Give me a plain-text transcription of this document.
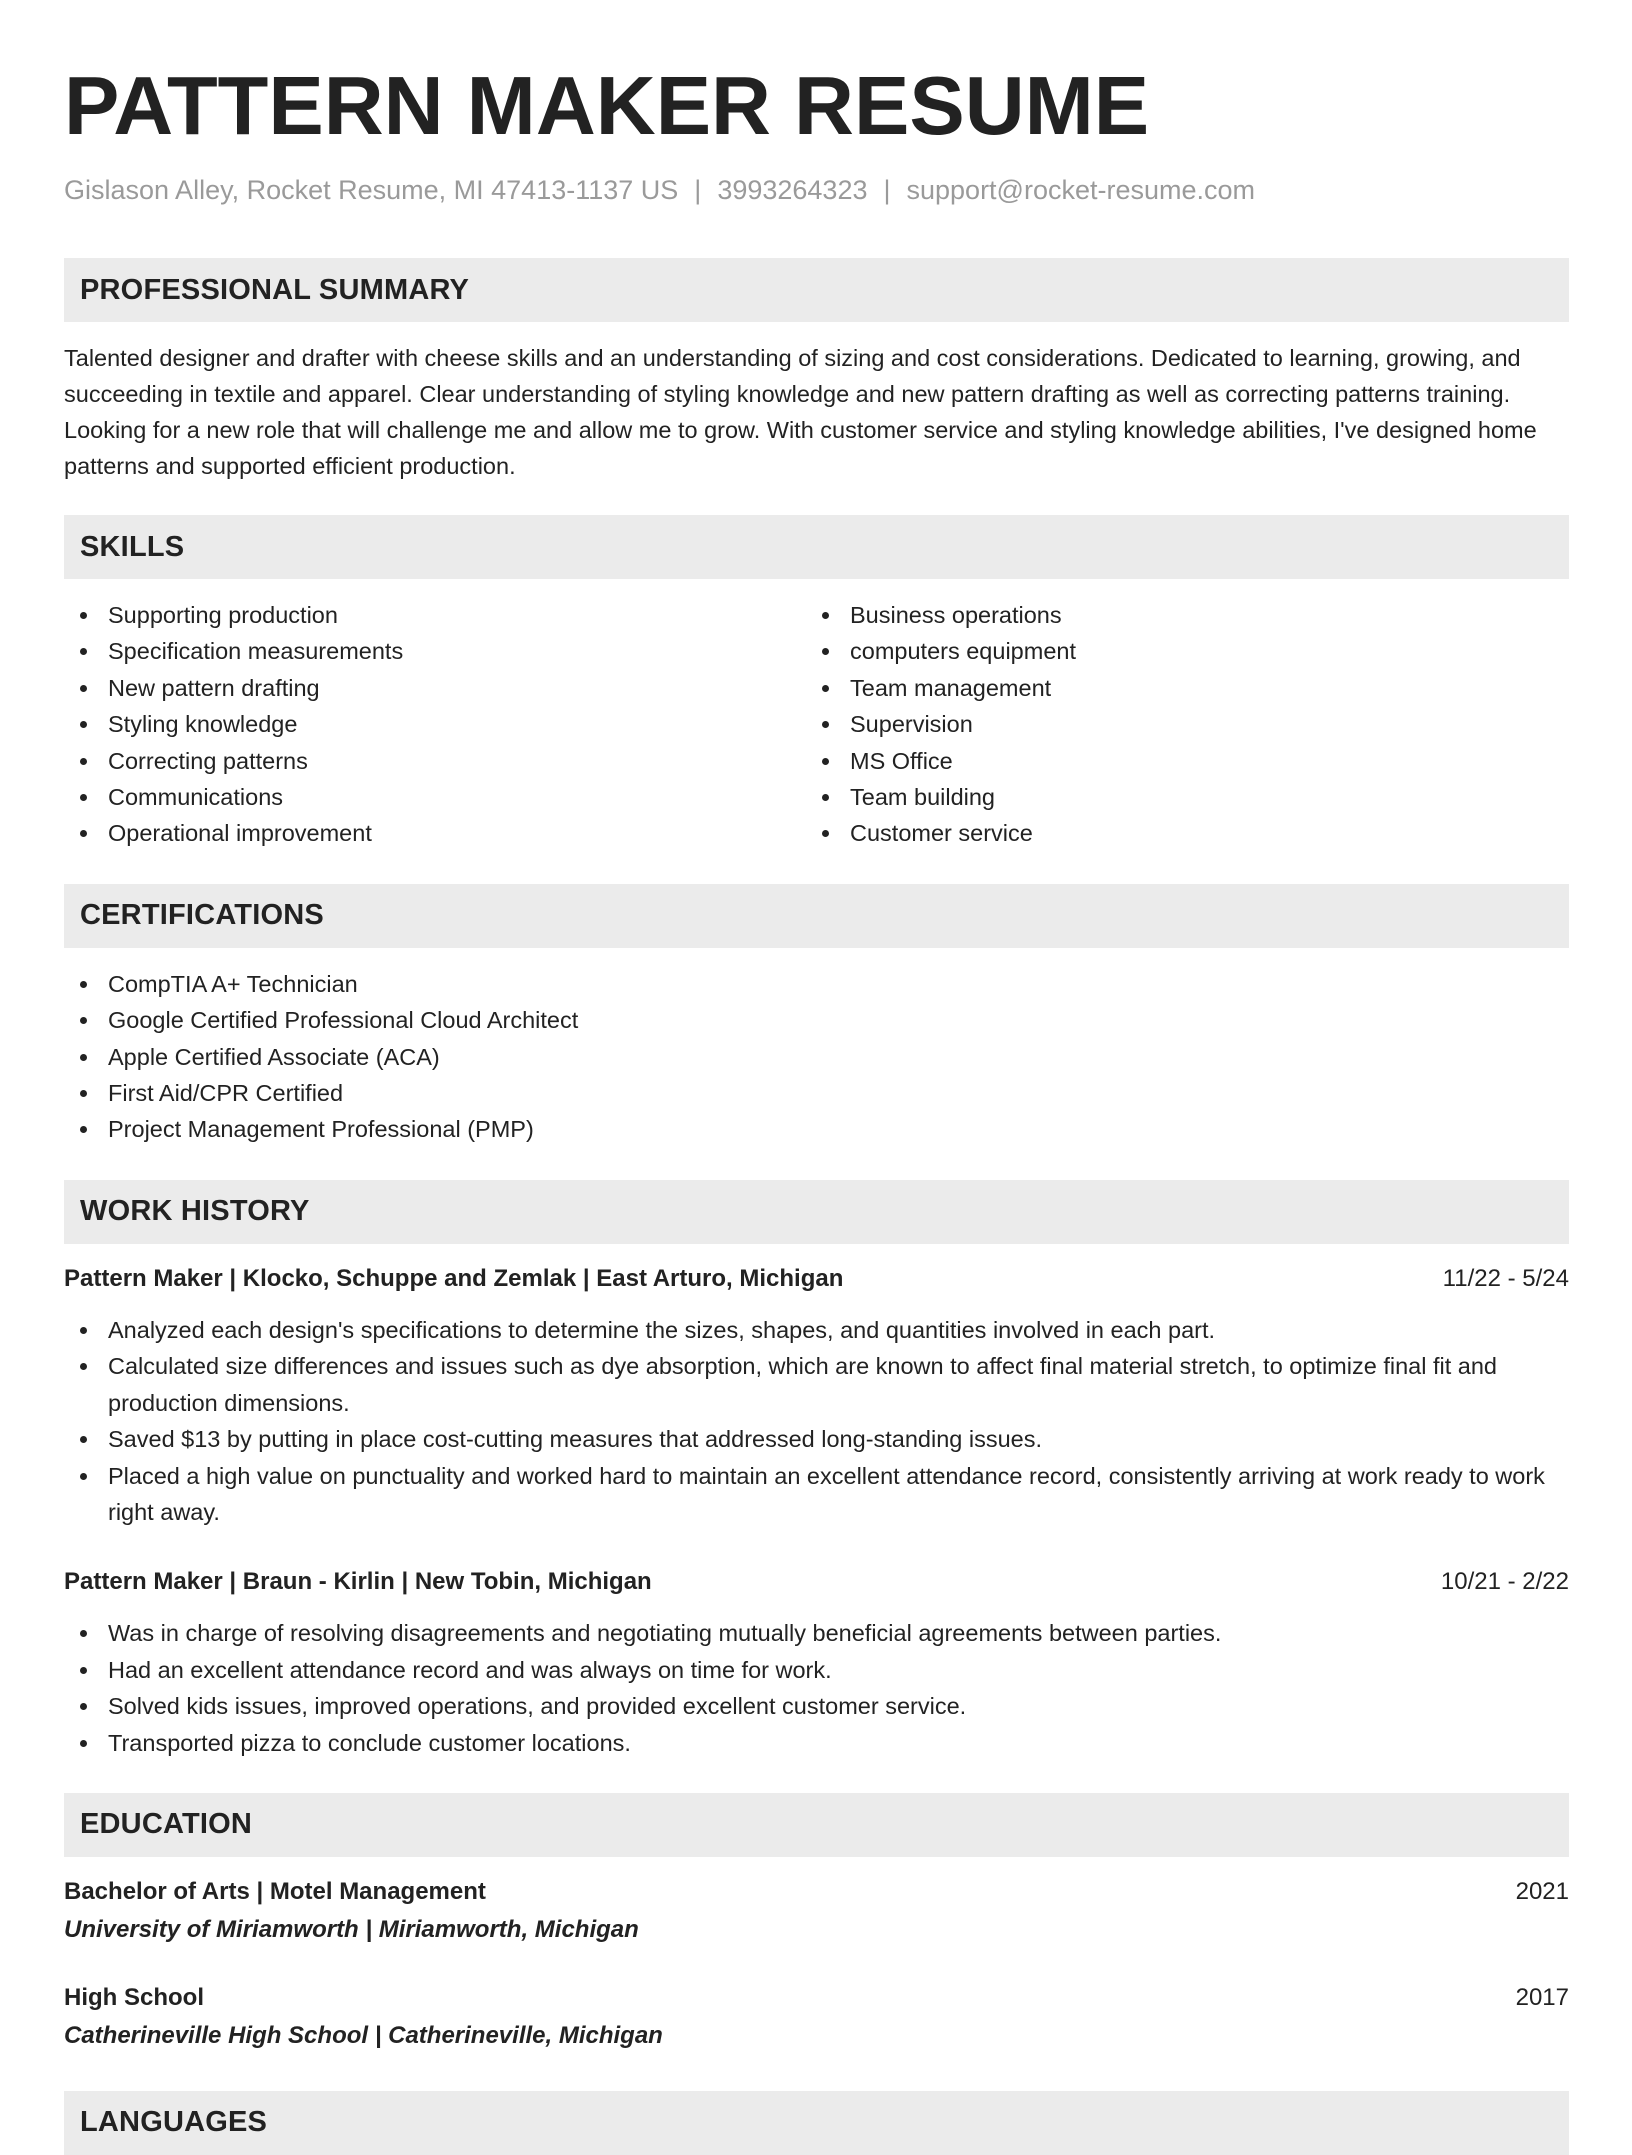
PATTERN MAKER RESUME
Gislason Alley, Rocket Resume, MI 47413-1137 US | 3993264323 | support@rocket-resume.com
PROFESSIONAL SUMMARY

Talented designer and drafter with cheese skills and an understanding of sizing and cost considerations. Dedicated to learning, growing, and succeeding in textile and apparel. Clear understanding of styling knowledge and new pattern drafting as well as correcting patterns training. Looking for a new role that will challenge me and allow me to grow. With customer service and styling knowledge abilities, I've designed home patterns and supported efficient production.

SKILLS
Supporting production
Specification measurements
New pattern drafting
Styling knowledge
Correcting patterns
Communications
Operational improvement
Business operations
computers equipment
Team management
Supervision
MS Office
Team building
Customer service
CERTIFICATIONS
CompTIA A+ Technician
Google Certified Professional Cloud Architect
Apple Certified Associate (ACA)
First Aid/CPR Certified
Project Management Professional (PMP)
WORK HISTORY
Pattern Maker | Klocko, Schuppe and Zemlak | East Arturo, Michigan	11/22 - 5/24
Analyzed each design's specifications to determine the sizes, shapes, and quantities involved in each part.
Calculated size differences and issues such as dye absorption, which are known to affect final material stretch, to optimize final fit and production dimensions.
Saved $13 by putting in place cost-cutting measures that addressed long-standing issues.
Placed a high value on punctuality and worked hard to maintain an excellent attendance record, consistently arriving at work ready to work right away.
Pattern Maker | Braun - Kirlin | New Tobin, Michigan	10/21 - 2/22
Was in charge of resolving disagreements and negotiating mutually beneficial agreements between parties.
Had an excellent attendance record and was always on time for work.
Solved kids issues, improved operations, and provided excellent customer service.
Transported pizza to conclude customer locations.
EDUCATION
Bachelor of Arts | Motel Management	2021
University of Miriamworth | Miriamworth, Michigan
High School	2017
Catherineville High School | Catherineville, Michigan
LANGUAGES
